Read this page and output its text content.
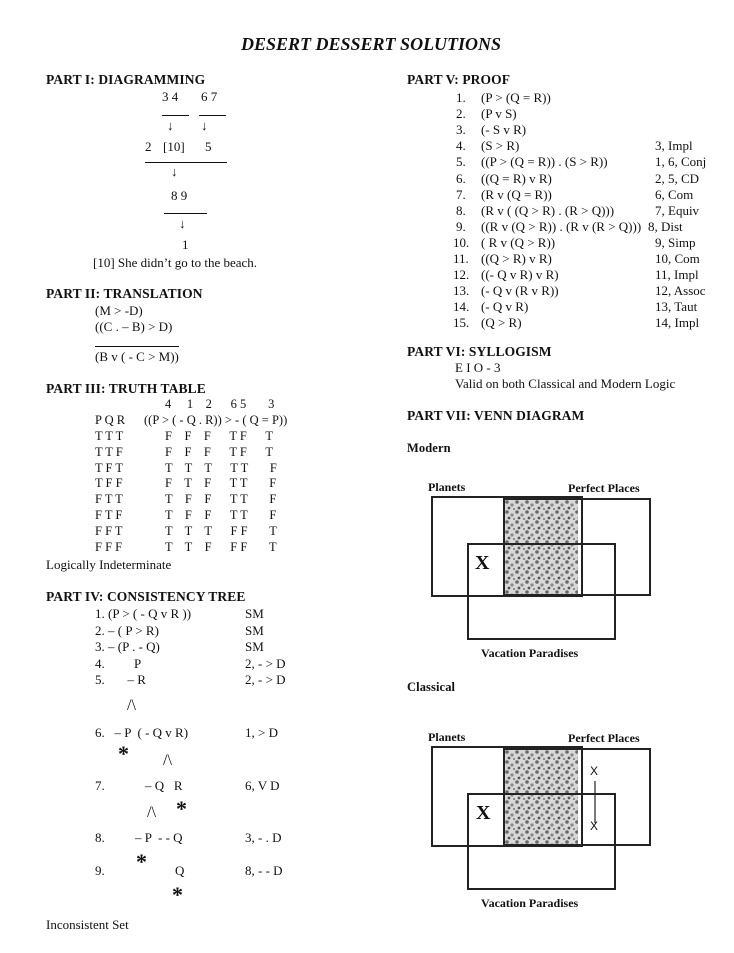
DESERT DESSERT SOLUTIONS
PART I: DIAGRAMMING
3 4 6 7
↓ ↓
2 [10] 5
↓
8 9
↓
1
[10] She didn’t go to the beach.
PART II: TRANSLATION
(M > -D)
((C . – B) > D)
(B v ( - C > M))
PART III: TRUTH TABLE
4     1    2      6 5       3
P Q R ((P > ( - Q . R)) > - ( Q = P))
T T T	F    F    F      T F      T
T T F	F    F    F      T F      T
T F T	T    T    T      T T       F
T F F	F    T    F      T T       F
F T T	T    F    F      T T       F
F T F	T    F    F      T T       F
F F T	T    T    T      F F       T
F F F	T    T    F      F F       T
Logically Indeterminate
PART IV: CONSISTENCY TREE
1. (P > ( - Q v R ))	SM
2. – ( P > R)	SM
3. – (P . - Q)	SM
4.         P	2, - > D
5.       – R	2, - > D
/\
6.   – P  ( - Q v R)	1, > D
* /\
7.	– Q   R	6, V D
/\ *
8. – P  - - Q	3, - . D
*
9.	Q	8, - - D
*
Inconsistent Set
PART V: PROOF
1. (P > (Q = R))
2. (P v S)
3. (- S v R)
4. (S > R)	3, Impl
5. ((P > (Q = R)) . (S > R))	1, 6, Conj
6. ((Q = R) v R)	2, 5, CD
7. (R v (Q = R))	6, Com
8. (R v ( (Q > R) . (R > Q)))	7, Equiv
9. ((R v (Q > R)) . (R v (R > Q))) 8, Dist
10. ( R v (Q > R))	9, Simp
11. ((Q > R) v R)	10, Com
12. ((- Q v R) v R)	11, Impl
13. (- Q v (R v R))	12, Assoc
14. (- Q v R)	13, Taut
15. (Q > R)	14, Impl
PART VI: SYLLOGISM
E I O - 3
Valid on both Classical and Modern Logic
PART VII: VENN DIAGRAM
Modern
Planets	Perfect Places
X
Vacation Paradises
Classical
Planets	Perfect Places
X
X
X
Vacation Paradises
